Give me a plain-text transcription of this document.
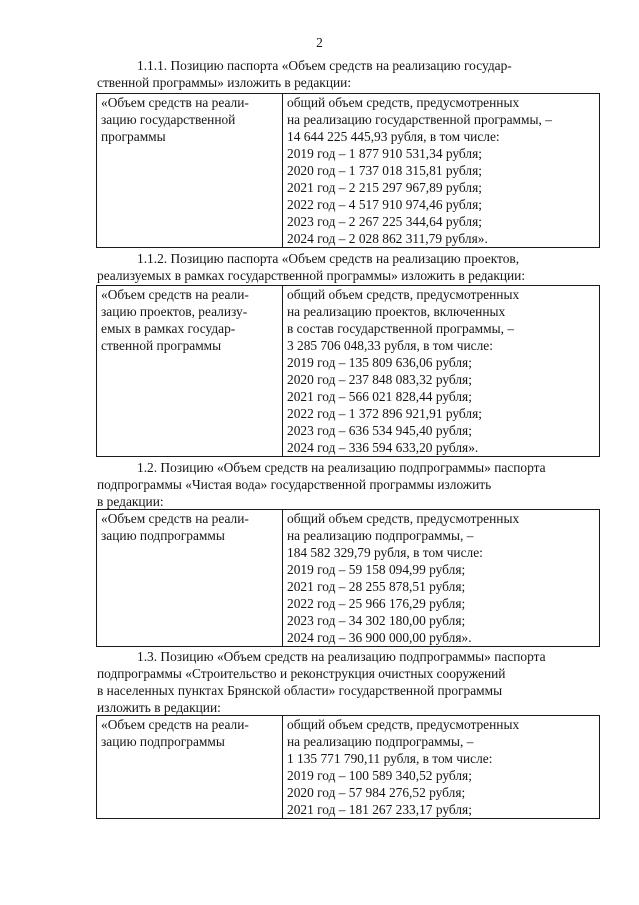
2
1.1.1. Позицию паспорта «Объем средств на реализацию государ-
ственной программы» изложить в редакции:
«Объем средств на реали-
зацию государственной
программы

общий объем средств, предусмотренных
на реализацию государственной программы, –
14 644 225 445,93 рубля, в том числе:
2019 год – 1 877 910 531,34 рубля;
2020 год – 1 737 018 315,81 рубля;
2021 год – 2 215 297 967,89 рубля;
2022 год – 4 517 910 974,46 рубля;
2023 год – 2 267 225 344,64 рубля;
2024 год – 2 028 862 311,79 рубля».
1.1.2. Позицию паспорта «Объем средств на реализацию проектов,
реализуемых в рамках государственной программы» изложить в редакции:
«Объем средств на реали-
зацию проектов, реализу-
емых в рамках государ-
ственной программы

общий объем средств, предусмотренных
на реализацию проектов, включенных
в состав государственной программы, –
3 285 706 048,33 рубля, в том числе:
2019 год – 135 809 636,06 рубля;
2020 год – 237 848 083,32 рубля;
2021 год – 566 021 828,44 рубля;
2022 год – 1 372 896 921,91 рубля;
2023 год – 636 534 945,40 рубля;
2024 год – 336 594 633,20 рубля».
1.2. Позицию «Объем средств на реализацию подпрограммы» паспорта
подпрограммы «Чистая вода» государственной программы изложить
в редакции:
«Объем средств на реали-
зацию подпрограммы

общий объем средств, предусмотренных
на реализацию подпрограммы, –
184 582 329,79 рубля, в том числе:
2019 год – 59 158 094,99 рубля;
2021 год – 28 255 878,51 рубля;
2022 год – 25 966 176,29 рубля;
2023 год – 34 302 180,00 рубля;
2024 год – 36 900 000,00 рубля».
1.3. Позицию «Объем средств на реализацию подпрограммы» паспорта
подпрограммы «Строительство и реконструкция очистных сооружений
в населенных пунктах Брянской области» государственной программы
изложить в редакции:
«Объем средств на реали-
зацию подпрограммы

общий объем средств, предусмотренных
на реализацию подпрограммы, –
1 135 771 790,11 рубля, в том числе:
2019 год – 100 589 340,52 рубля;
2020 год – 57 984 276,52 рубля;
2021 год – 181 267 233,17 рубля;
